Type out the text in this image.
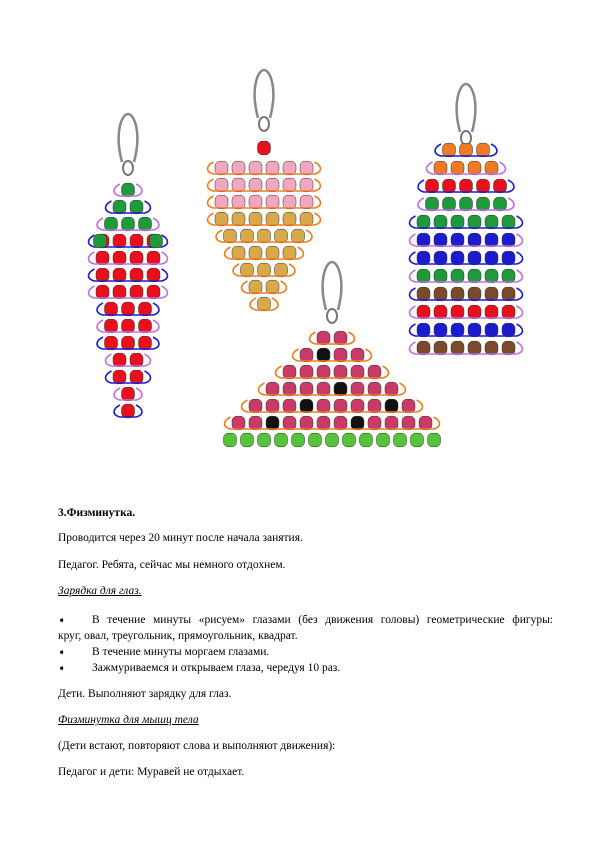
3.Физминутка.
Проводится через 20 минут после начала занятия.
Педагог. Ребята, сейчас мы немного отдохнем.
Зарядка для глаз.
➧ В течение минуты «рисуем» глазами (без движения головы) геометрические фигуры:
круг, овал, треугольник, прямоугольник, квадрат.
➧ В течение минуты моргаем глазами.
➧ Зажмуриваемся и открываем глаза, чередуя 10 раз.
Дети. Выполняют зарядку для глаз.
Физминутка для мышц тела
(Дети встают, повторяют слова и выполняют движения):
Педагог и дети: Муравей не отдыхает.
